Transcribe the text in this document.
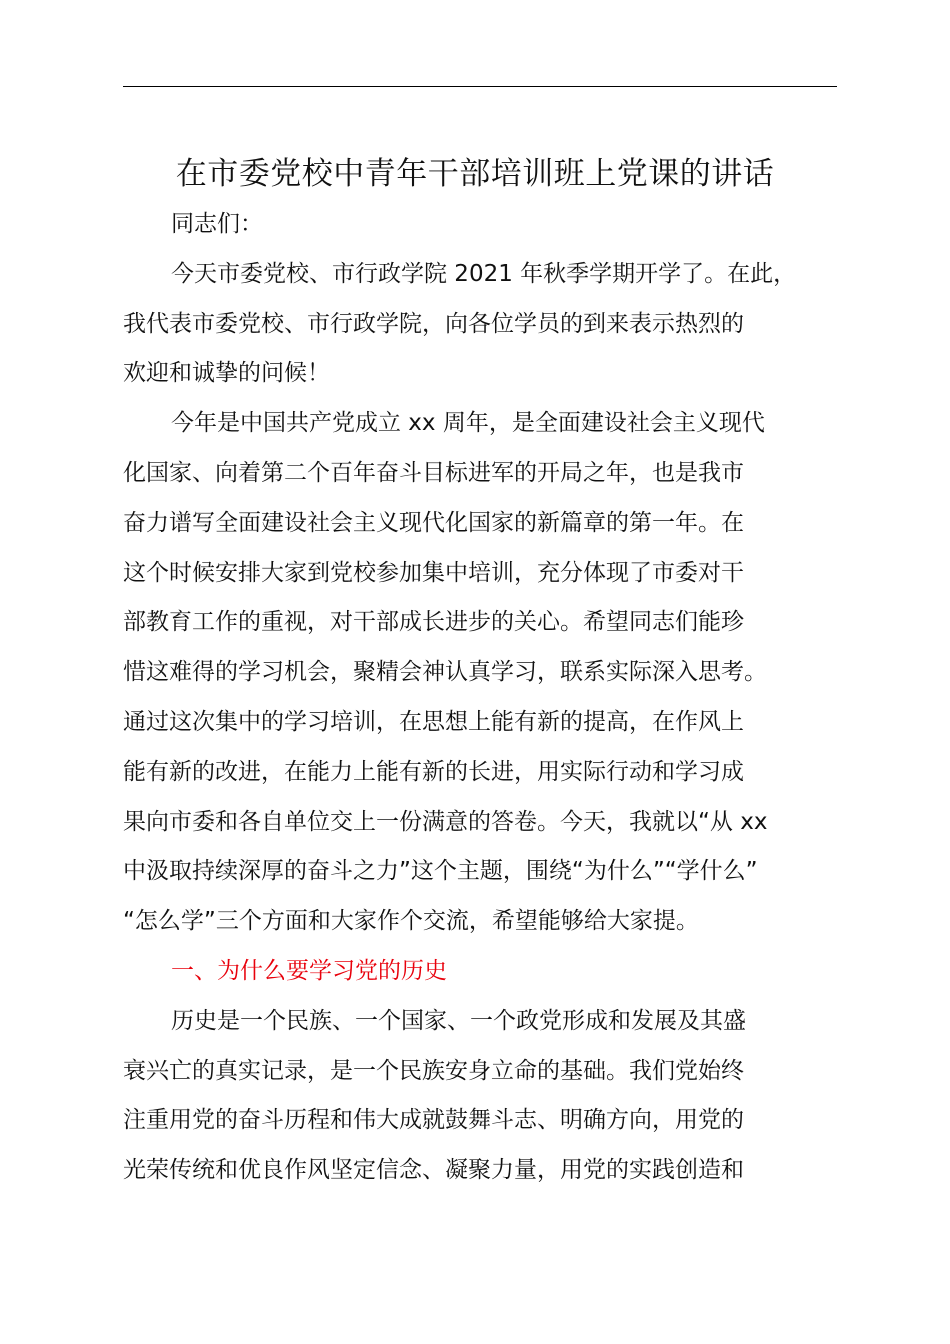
在市委党校中青年干部培训班上党课的讲话
同志们：
今天市委党校、市行政学院 2021 年秋季学期开学了。在此，
我代表市委党校、市行政学院，向各位学员的到来表示热烈的
欢迎和诚挚的问候！
今年是中国共产党成立 xx 周年，是全面建设社会主义现代
化国家、向着第二个百年奋斗目标进军的开局之年，也是我市
奋力谱写全面建设社会主义现代化国家的新篇章的第一年。在
这个时候安排大家到党校参加集中培训，充分体现了市委对干
部教育工作的重视，对干部成长进步的关心。希望同志们能珍
惜这难得的学习机会，聚精会神认真学习，联系实际深入思考。
通过这次集中的学习培训，在思想上能有新的提高，在作风上
能有新的改进，在能力上能有新的长进，用实际行动和学习成
果向市委和各自单位交上一份满意的答卷。今天，我就以“从 xx
中汲取持续深厚的奋斗之力”这个主题，围绕“为什么”“学什么”
“怎么学”三个方面和大家作个交流，希望能够给大家提。
一、为什么要学习党的历史
历史是一个民族、一个国家、一个政党形成和发展及其盛
衰兴亡的真实记录，是一个民族安身立命的基础。我们党始终
注重用党的奋斗历程和伟大成就鼓舞斗志、明确方向，用党的
光荣传统和优良作风坚定信念、凝聚力量，用党的实践创造和
